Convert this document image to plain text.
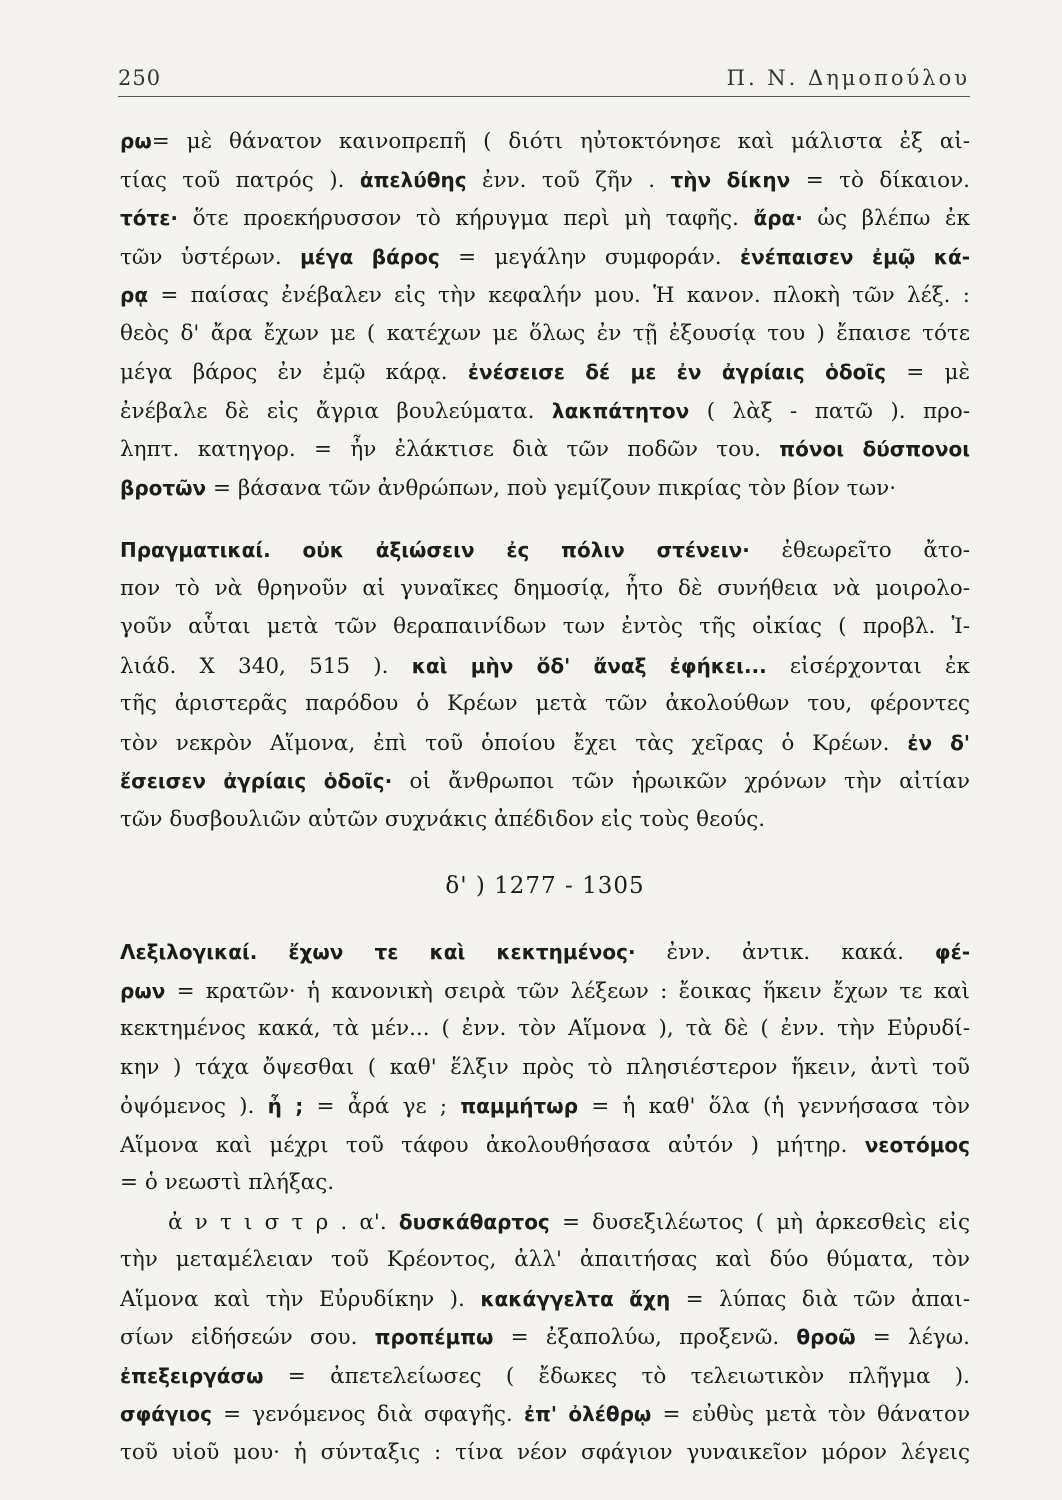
250	Π. Ν. Δημοπούλου
ρω= μὲ θάνατον καινοπρεπῆ ( διότι ηὐτοκτόνησε καὶ μάλιστα ἐξ αἰ-
τίας τοῦ πατρός ). ἀπελύθης ἐνν. τοῦ ζῆν . τὴν δίκην = τὸ δίκαιον.
τότε· ὅτε προεκήρυσσον τὸ κήρυγμα περὶ μὴ ταφῆς. ἄρα· ὡς βλέπω ἐκ
τῶν ὑστέρων. μέγα βάρος = μεγάλην συμφοράν. ἐνέπαισεν ἐμῷ κά-
ρᾳ = παίσας ἐνέβαλεν εἰς τὴν κεφαλήν μου. Ἡ κανον. πλοκὴ τῶν λέξ. :
θεὸς δ' ἄρα ἔχων με ( κατέχων με ὅλως ἐν τῇ ἐξουσίᾳ του ) ἔπαισε τότε
μέγα βάρος ἐν ἐμῷ κάρᾳ. ἐνέσεισε δέ με ἐν ἀγρίαις ὁδοῖς = μὲ
ἐνέβαλε δὲ εἰς ἄγρια βουλεύματα. λακπάτητον ( λὰξ - πατῶ ). προ-
ληπτ. κατηγορ. = ἦν ἐλάκτισε διὰ τῶν ποδῶν του. πόνοι δύσπονοι
βροτῶν = βάσανα τῶν ἀνθρώπων, ποὺ γεμίζουν πικρίας τὸν βίον των·
Πραγματικαί. οὐκ ἀξιώσειν ἐς πόλιν στένειν· ἐθεωρεῖτο ἄτο-
πον τὸ νὰ θρηνοῦν αἱ γυναῖκες δημοσίᾳ, ἦτο δὲ συνήθεια νὰ μοιρολο-
γοῦν αὗται μετὰ τῶν θεραπαινίδων των ἐντὸς τῆς οἰκίας ( προβλ. Ἰ-
λιάδ. Χ 340, 515 ). καὶ μὴν ὅδ' ἄναξ ἐφήκει... εἰσέρχονται ἐκ
τῆς ἀριστερᾶς παρόδου ὁ Κρέων μετὰ τῶν ἀκολούθων του, φέροντες
τὸν νεκρὸν Αἵμονα, ἐπὶ τοῦ ὁποίου ἔχει τὰς χεῖρας ὁ Κρέων. ἐν δ'
ἔσεισεν ἀγρίαις ὁδοῖς· οἱ ἄνθρωποι τῶν ἡρωικῶν χρόνων τὴν αἰτίαν
τῶν δυσβουλιῶν αὐτῶν συχνάκις ἀπέδιδον εἰς τοὺς θεούς.
δ' ) 1277 - 1305
Λεξιλογικαί. ἔχων τε καὶ κεκτημένος· ἐνν. ἀντικ. κακά. φέ-
ρων = κρατῶν· ἡ κανονικὴ σειρὰ τῶν λέξεων : ἔοικας ἥκειν ἔχων τε καὶ
κεκτημένος κακά, τὰ μέν... ( ἐνν. τὸν Αἵμονα ), τὰ δὲ ( ἐνν. τὴν Εὐρυδί-
κην ) τάχα ὄψεσθαι ( καθ' ἕλξιν πρὸς τὸ πλησιέστερον ἥκειν, ἀντὶ τοῦ
ὀψόμενος ). ἦ ; = ἆρά γε ; παμμήτωρ = ἡ καθ' ὅλα (ἡ γεννήσασα τὸν
Αἵμονα καὶ μέχρι τοῦ τάφου ἀκολουθήσασα αὐτόν ) μήτηρ. νεοτόμος
= ὁ νεωστὶ πλήξας.
ἀ ν τ ι σ τ ρ . α'. δυσκάθαρτος = δυσεξιλέωτος ( μὴ ἀρκεσθεὶς εἰς
τὴν μεταμέλειαν τοῦ Κρέοντος, ἀλλ' ἀπαιτήσας καὶ δύο θύματα, τὸν
Αἵμονα καὶ τὴν Εὐρυδίκην ). κακάγγελτα ἄχη = λύπας διὰ τῶν ἀπαι-
σίων εἰδήσεών σου. προπέμπω = ἐξαπολύω, προξενῶ. θροῶ = λέγω.
ἐπεξειργάσω = ἀπετελείωσες ( ἔδωκες τὸ τελειωτικὸν πλῆγμα ).
σφάγιος = γενόμενος διὰ σφαγῆς. ἐπ' ὀλέθρῳ = εὐθὺς μετὰ τὸν θάνατον
τοῦ υἱοῦ μου· ἡ σύνταξις : τίνα νέον σφάγιον γυναικεῖον μόρον λέγεις
